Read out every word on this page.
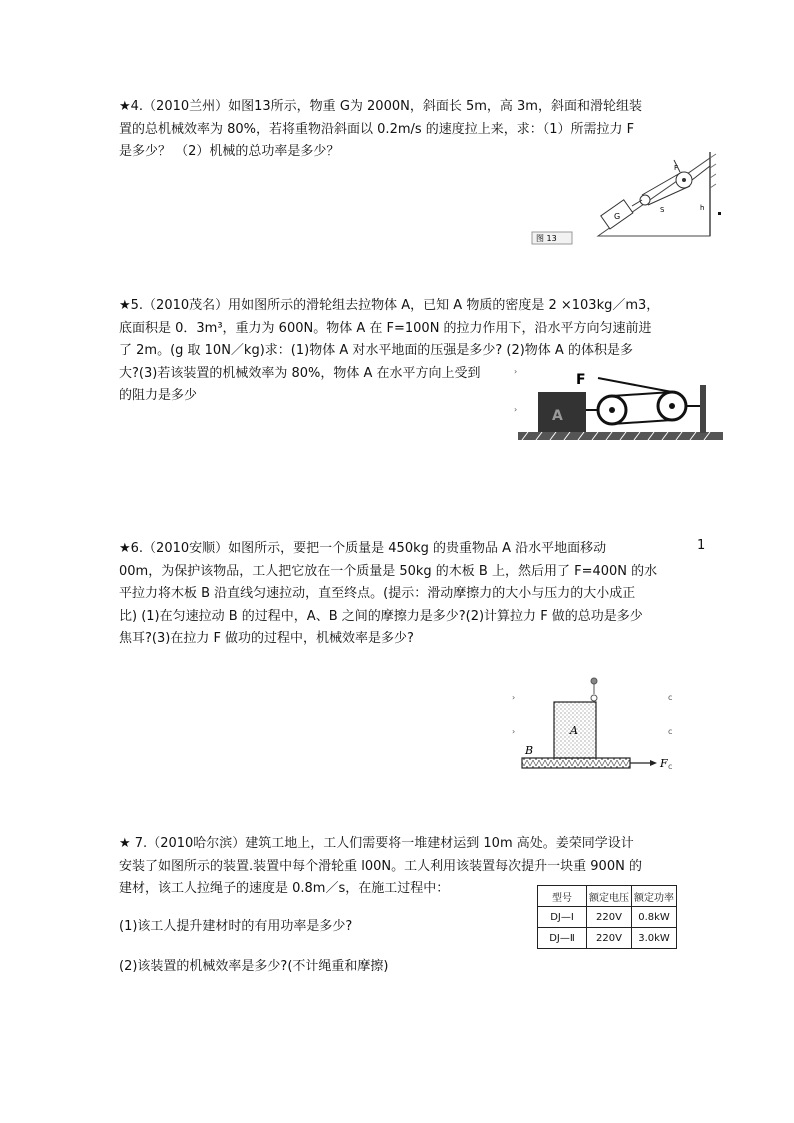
★4.（2010兰州）如图13所示，物重 G为 2000N，斜面长 5m，高 3m，斜面和滑轮组装
置的总机械效率为 80%，若将重物沿斜面以 0.2m/s 的速度拉上来，求：（1）所需拉力 F
是多少？ （2）机械的总功率是多少？
G
F
S	h
图 13
★5.（2010茂名）用如图所示的滑轮组去拉物体 A，已知 A 物质的密度是 2 ×103kg／m3，
底面积是 0．3m³，重力为 600N。物体 A 在 F=100N 的拉力作用下，沿水平方向匀速前进
了 2m。(g 取 10N／kg)求：(1)物体 A 对水平地面的压强是多少? (2)物体 A 的体积是多
大?(3)若该装置的机械效率为 80%，物体 A 在水平方向上受到
的阻力是多少
›
› A
F
★6.（2010安顺）如图所示，要把一个质量是 450kg 的贵重物品 A 沿水平地面移动
00m，为保护该物品，工人把它放在一个质量是 50kg 的木板 B 上，然后用了 F=400N 的水
平拉力将木板 B 沿直线匀速拉动，直至终点。(提示：滑动摩擦力的大小与压力的大小成正
比) (1)在匀速拉动 B 的过程中，A、B 之间的摩擦力是多少?(2)计算拉力 F 做的总功是多少
焦耳?(3)在拉力 F 做功的过程中，机械效率是多少?
1
›
›
c
c
c
A
B
F
★ 7.（2010哈尔滨）建筑工地上，工人们需要将一堆建材运到 10m 高处。姜荣同学设计
安装了如图所示的装置.装置中每个滑轮重 l00N。工人利用该装置每次提升一块重 900N 的
建材，该工人拉绳子的速度是 0.8m／s，在施工过程中：
(1)该工人提升建材时的有用功率是多少?
(2)该装置的机械效率是多少?(不计绳重和摩擦)
型号	额定电压	额定功率
DJ—Ⅰ	220V	0.8kW
DJ—Ⅱ	220V	3.0kW
